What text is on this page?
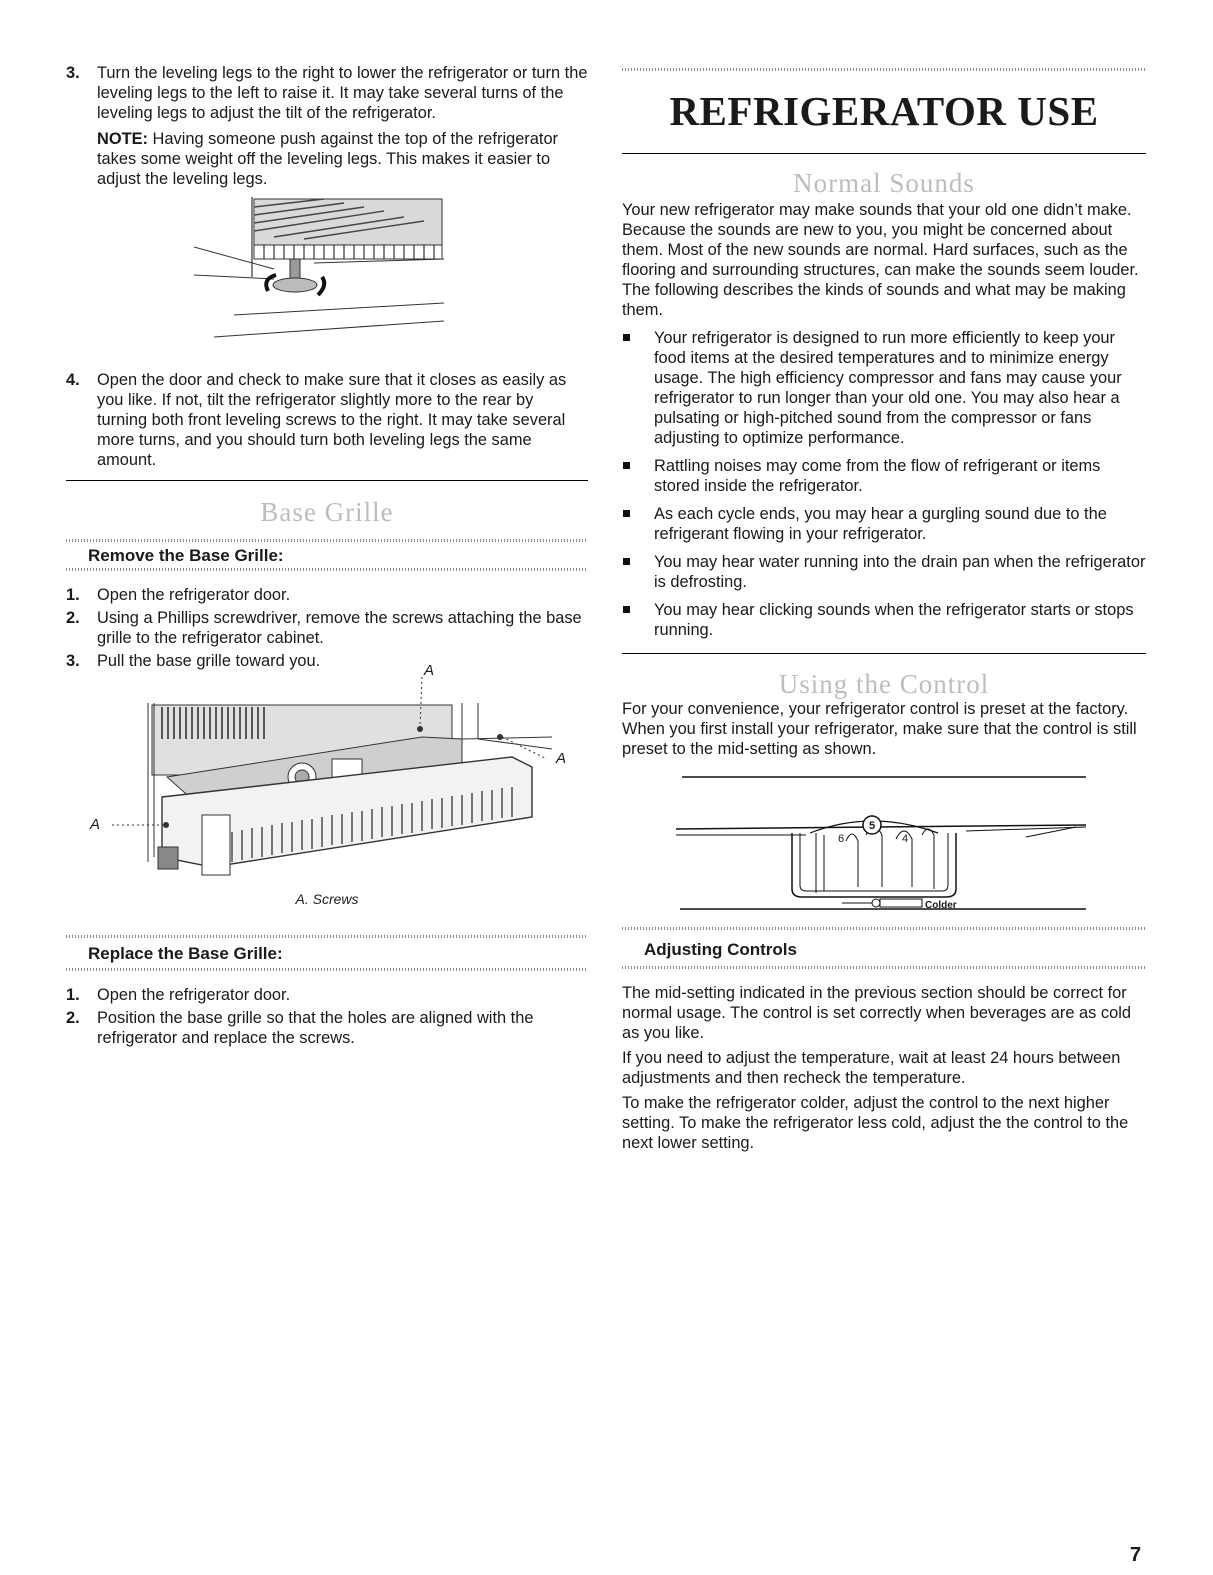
3. Turn the leveling legs to the right to lower the refrigerator or turn the leveling legs to the left to raise it. It may take several turns of the leveling legs to adjust the tilt of the refrigerator.

NOTE: Having someone push against the top of the refrigerator takes some weight off the leveling legs. This makes it easier to adjust the leveling legs.

4. Open the door and check to make sure that it closes as easily as you like. If not, tilt the refrigerator slightly more to the rear by turning both front leveling screws to the right. It may take several more turns, and you should turn both leveling legs the same amount.
Base Grille
Remove the Base Grille:
1. Open the refrigerator door.
2. Using a Phillips screwdriver, remove the screws attaching the base grille to the refrigerator cabinet.
3. Pull the base grille toward you.
A
A
A
A. Screws
Replace the Base Grille:
1. Open the refrigerator door.
2. Position the base grille so that the holes are aligned with the refrigerator and replace the screws.
REFRIGERATOR USE
Normal Sounds

Your new refrigerator may make sounds that your old one didn’t make. Because the sounds are new to you, you might be concerned about them. Most of the new sounds are normal. Hard surfaces, such as the flooring and surrounding structures, can make the sounds seem louder. The following describes the kinds of sounds and what may be making them.

Your refrigerator is designed to run more efficiently to keep your food items at the desired temperatures and to minimize energy usage. The high efficiency compressor and fans may cause your refrigerator to run longer than your old one. You may also hear a pulsating or high-pitched sound from the compressor or fans adjusting to optimize performance.
Rattling noises may come from the flow of refrigerant or items stored inside the refrigerator.
As each cycle ends, you may hear a gurgling sound due to the refrigerant flowing in your refrigerator.
You may hear water running into the drain pan when the refrigerator is defrosting.
You may hear clicking sounds when the refrigerator starts or stops running.
Using the Control

For your convenience, your refrigerator control is preset at the factory. When you first install your refrigerator, make sure that the control is still preset to the mid-setting as shown.

6
5
4
Colder
Adjusting Controls

The mid-setting indicated in the previous section should be correct for normal usage. The control is set correctly when beverages are as cold as you like.

If you need to adjust the temperature, wait at least 24 hours between adjustments and then recheck the temperature.

To make the refrigerator colder, adjust the control to the next higher setting. To make the refrigerator less cold, adjust the the control to the next lower setting.

7
